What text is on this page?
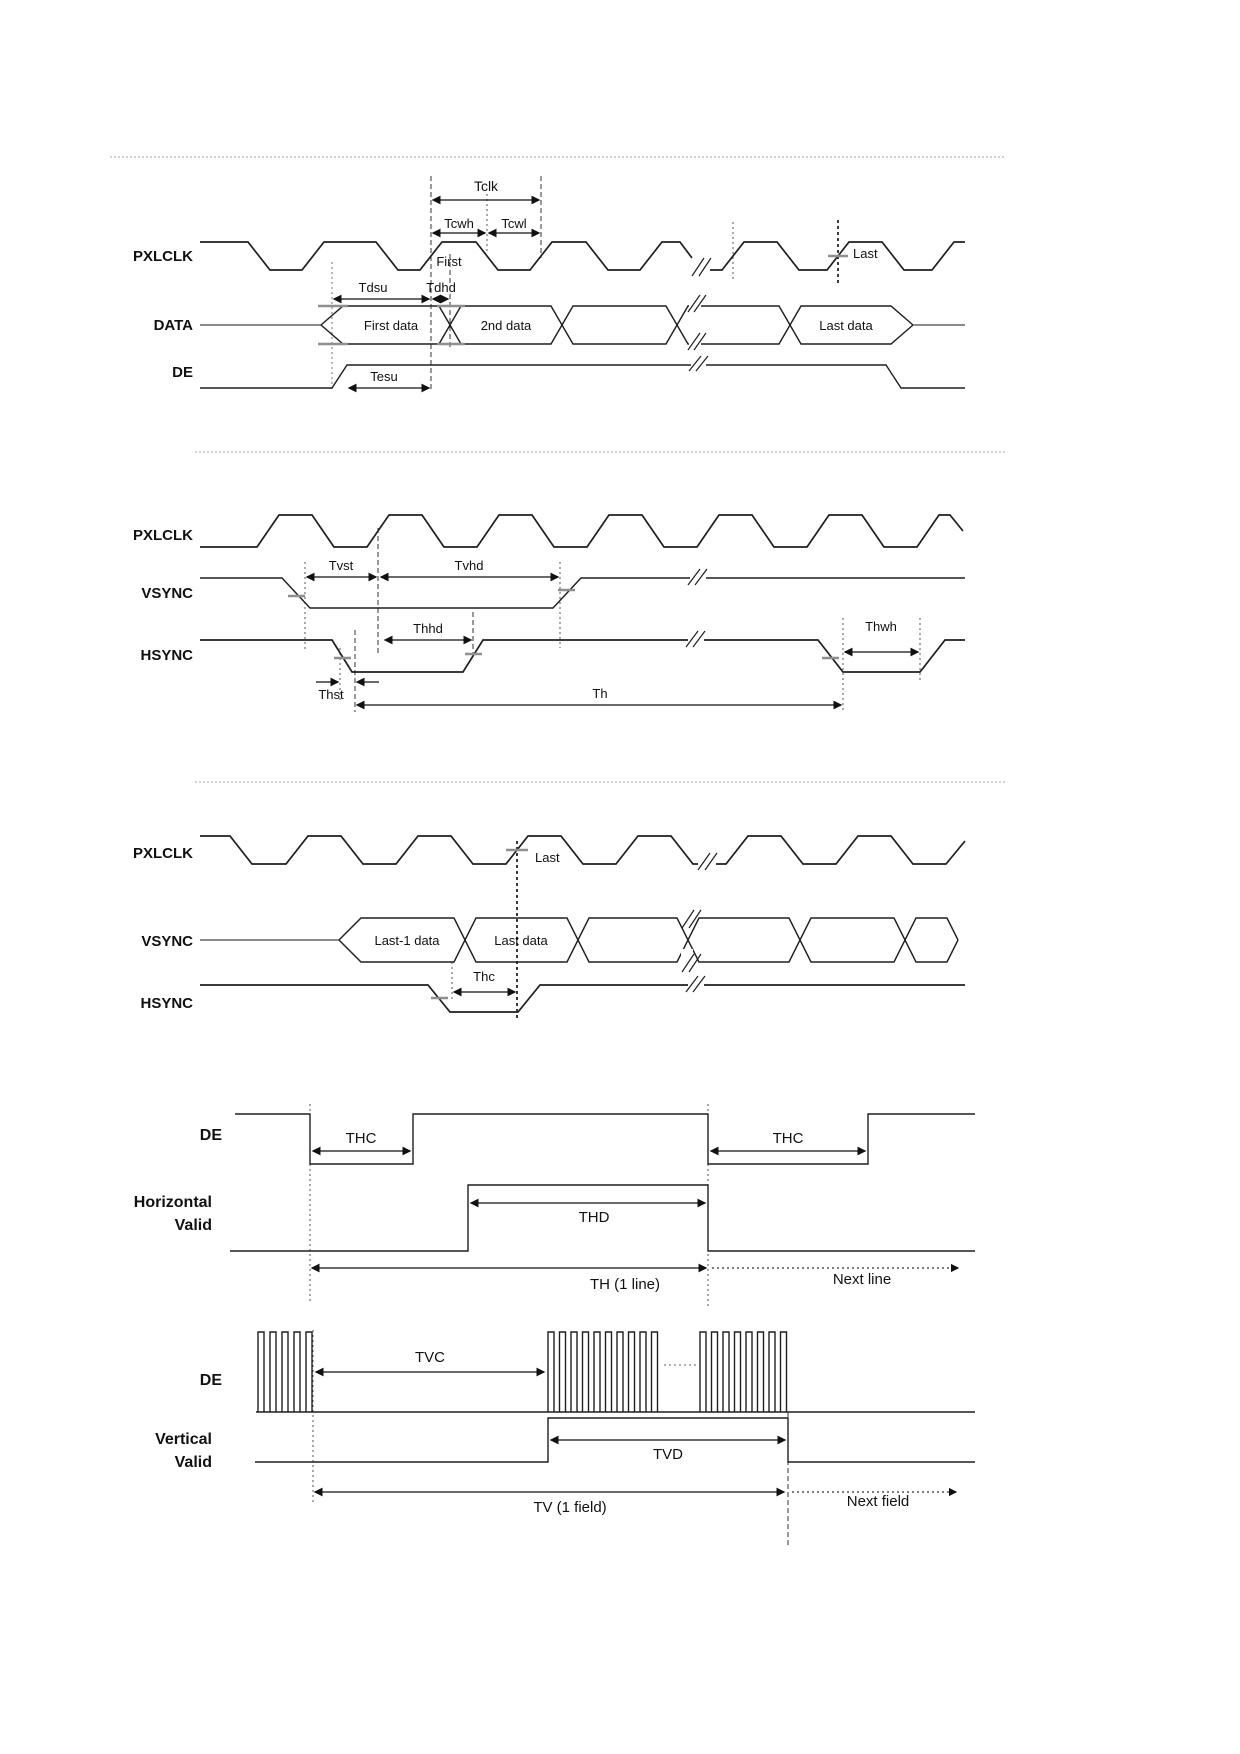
PXLCLK
DATA
DE
Tclk
Tcwh Tcwl
First
Tdsu	Tdhd
Tesu
Last
First data	2nd data	Last data
PXLCLK
VSYNC
HSYNC
Tvst	Tvhd
Thhd	Thwh
Thst	Th
PXLCLK
VSYNC
HSYNC
Last
Thc
Last-1 data	Last data
DE
Horizontal
Valid
THC	THC
THD
TH (1 line)	Next line
DE
Vertical
Valid
TVC
TVD
TV (1 field)	Next field
